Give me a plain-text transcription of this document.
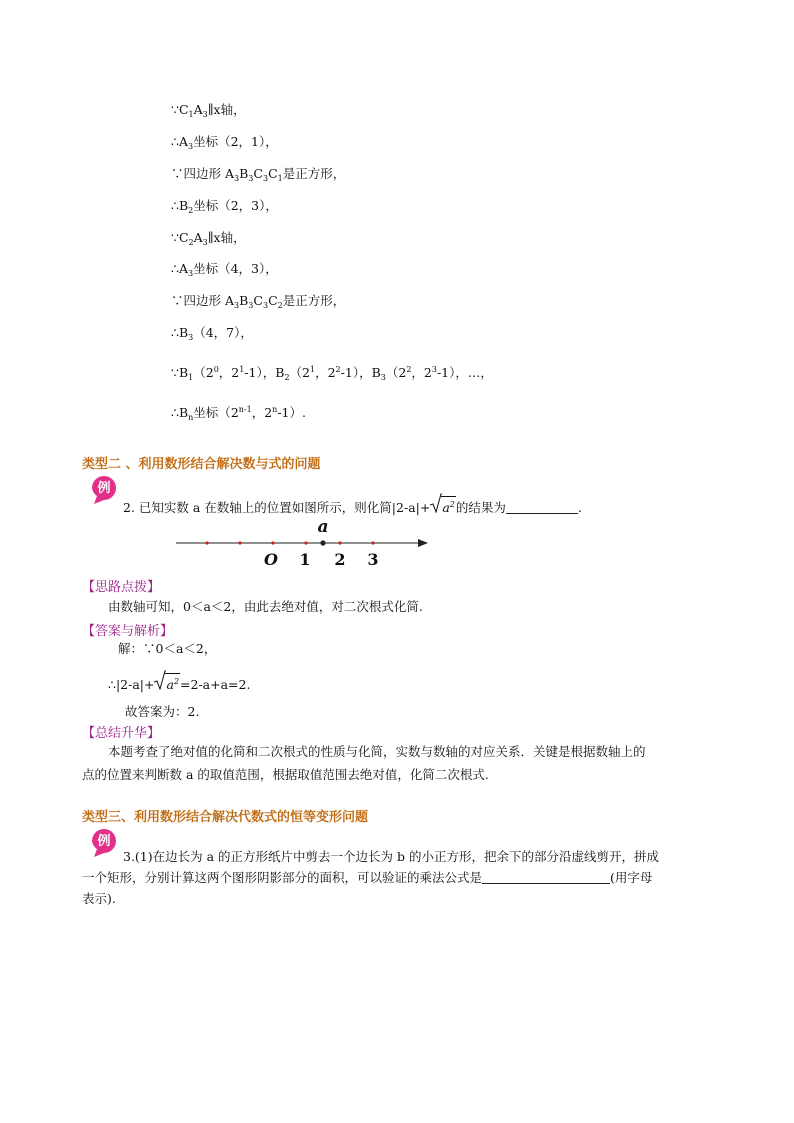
$\because C_1A_3\parallel x$轴，
$\therefore A_3$坐标（2，1），
∵四边形 $A_3B_3C_3C_1$是正方形，
$\therefore B_2$坐标（2，3），
$\because C_2A_3\parallel x$轴，
$\therefore A_3$坐标（4，3），
∵四边形 $A_3B_3C_3C_2$是正方形，
$\therefore B_3(4$，7），
$\because B_1(2^0$，$2^1-1$），$B_2(2^1$，$2^2-1$），$B_3(2^2$，$2^3-1$），…，
$\therefore B_n$坐标（2$^{n-1}$，2$^n$-1）.
类型二 、利用数形结合解决数与式的问题
例
2. 已知实数 a 在数轴上的位置如图所示，则化简$|2-a|+ a^2$的结果为	.
a
O 1 2 3
【思路点拨】
由数轴可知，0＜a＜2，由此去绝对值，对二次根式化简.
【答案与解析】
解：∵0＜a＜2，
∴|2-a|+ $a^2=2-a+a=2$.
故答案为：2.
【总结升华】
本题考查了绝对值的化简和二次根式的性质与化简，实数与数轴的对应关系．关键是根据数轴上的
点的位置来判断数 a 的取值范围，根据取值范围去绝对值，化简二次根式.
类型三、利用数形结合解决代数式的恒等变形问题
例
3.(1)在边长为 a 的正方形纸片中剪去一个边长为 b 的小正方形，把余下的部分沿虚线剪开，拼成
一个矩形，分别计算这两个图形阴影部分的面积，可以验证的乘法公式是	(用字母
表示).
